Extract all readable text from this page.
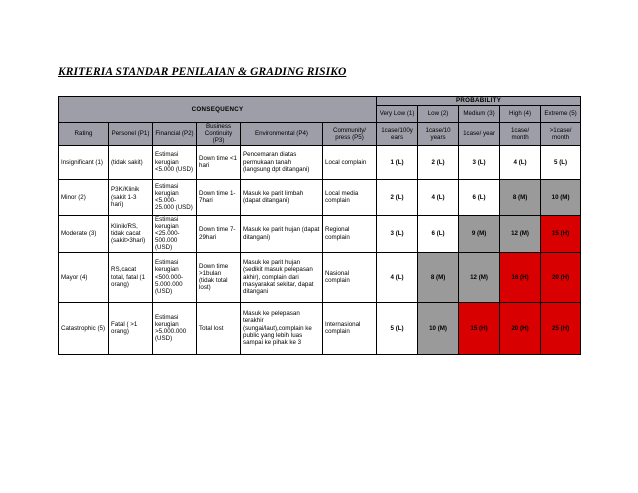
KRITERIA STANDAR PENILAIAN & GRADING RISIKO
CONSEQUENCY						PROBABILITY				
						Very Low (1)	Low (2)	Medium (3)	High (4)	Extreme (5)
Rating	Personel (P1)	Financial (P2)	Business Continuity (P3)	Environmental (P4)	Community/ press (P5)	1case/100y ears	1case/10 years	1case/ year	1case/ month	>1case/ month
Insignificant (1)	(tidak sakit)	Estimasi kerugian <5.000 (USD)	Down time <1 hari	Pencemaran diatas permukaan tanah (langsung dpt ditangani)	Local complain	1 (L)	2 (L)	3 (L)	4 (L)	5 (L)
Minor (2)	P3K/Klinik (sakit 1-3 hari)	Estimasi kerugian <5.000-25.000 (USD)	Down time 1-7hari	Masuk ke parit limbah (dapat ditangani)	Local media complain	2 (L)	4 (L)	6 (L)	8 (M)	10 (M)
Moderate (3)	Klinik/RS, tidak cacat (sakit>3hari)	Estimasi kerugian <25.000-500.000 (USD)	Down time 7-29hari	Masuk ke parit hujan (dapat ditangani)	Regional complain	3 (L)	6 (L)	9 (M)	12 (M)	15 (H)
Mayor (4)	RS,cacat total, fatal (1 orang)	Estimasi kerugian <500.000- 5.000.000 (USD)	Down time >1bulan (tidak total lost)	Masuk ke parit hujan (sedikit masuk pelepasan akhir), complain dari masyarakat sekitar, dapat ditangani	Nasional complain	4 (L)	8 (M)	12 (M)	16 (H)	20 (H)
Catastrophic (5)	Fatal ( >1 orang)	Estimasi kerugian >5.000.000 (USD)	Total lost	Masuk ke pelepasan terakhir (sungai/laut),complain ke public yang lebih luas sampai ke pihak ke 3	Internasional complain	5 (L)	10 (M)	15 (H)	20 (H)	25 (H)
